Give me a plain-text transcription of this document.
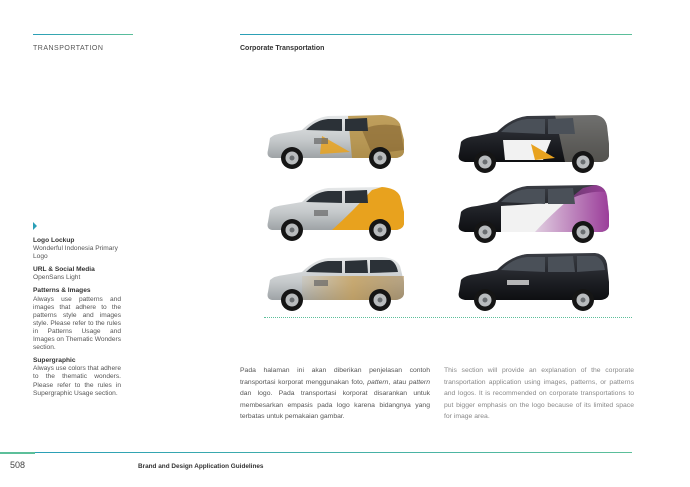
TRANSPORTATION	Corporate Transportation
Logo Lockup
Wonderful Indonesia Primary Logo
URL & Social Media
OpenSans Light
Patterns & Images
Always use patterns and images that adhere to the patterns style and images style. Please refer to the rules in Patterns Usage and Images on Thematic Wonders section.
Supergraphic
Always use colors that adhere to the thematic wonders. Please refer to the rules in Supergraphic Usage section.
Pada halaman ini akan diberikan penjelasan contoh transportasi korporat menggunakan foto, pattern, atau pattern dan logo. Pada transportasi korporat disarankan untuk membesarkan empasis pada logo karena bidangnya yang terbatas untuk pemakaian gambar.
This section will provide an explanation of the corporate transportation application using images, patterns, or patterns and logos. It is recommended on corporate transportations to put bigger emphasis on the logo because of its limited space for image area.
508	Brand and Design Application Guidelines
